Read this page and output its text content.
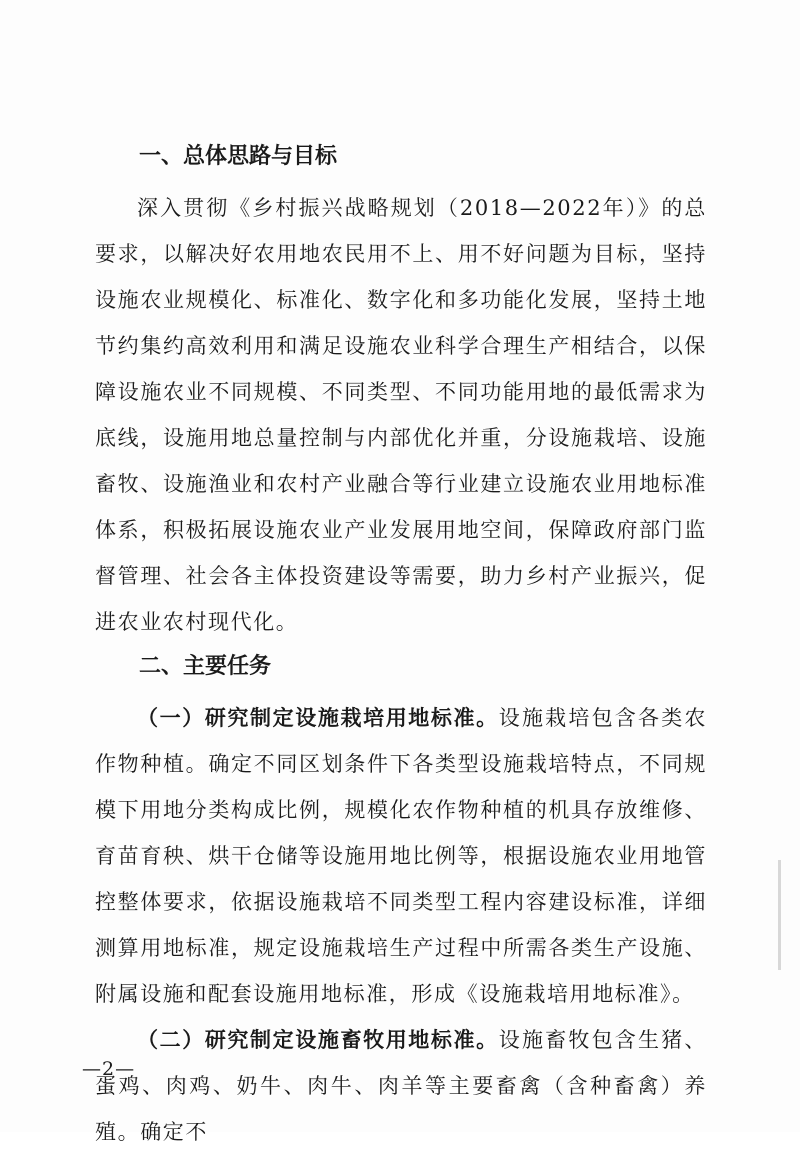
一、总体思路与目标

深入贯彻《乡村振兴战略规划（2018—2022年）》的总要求，以解决好农用地农民用不上、用不好问题为目标，坚持设施农业规模化、标准化、数字化和多功能化发展，坚持土地节约集约高效利用和满足设施农业科学合理生产相结合，以保障设施农业不同规模、不同类型、不同功能用地的最低需求为底线，设施用地总量控制与内部优化并重，分设施栽培、设施畜牧、设施渔业和农村产业融合等行业建立设施农业用地标准体系，积极拓展设施农业产业发展用地空间，保障政府部门监督管理、社会各主体投资建设等需要，助力乡村产业振兴，促进农业农村现代化。

二、主要任务

（一）研究制定设施栽培用地标准。设施栽培包含各类农作物种植。确定不同区划条件下各类型设施栽培特点，不同规模下用地分类构成比例，规模化农作物种植的机具存放维修、育苗育秧、烘干仓储等设施用地比例等，根据设施农业用地管控整体要求，依据设施栽培不同类型工程内容建设标准，详细测算用地标准，规定设施栽培生产过程中所需各类生产设施、附属设施和配套设施用地标准，形成《设施栽培用地标准》。

（二）研究制定设施畜牧用地标准。设施畜牧包含生猪、蛋鸡、肉鸡、奶牛、肉牛、肉羊等主要畜禽（含种畜禽）养殖。确定不

—2—
